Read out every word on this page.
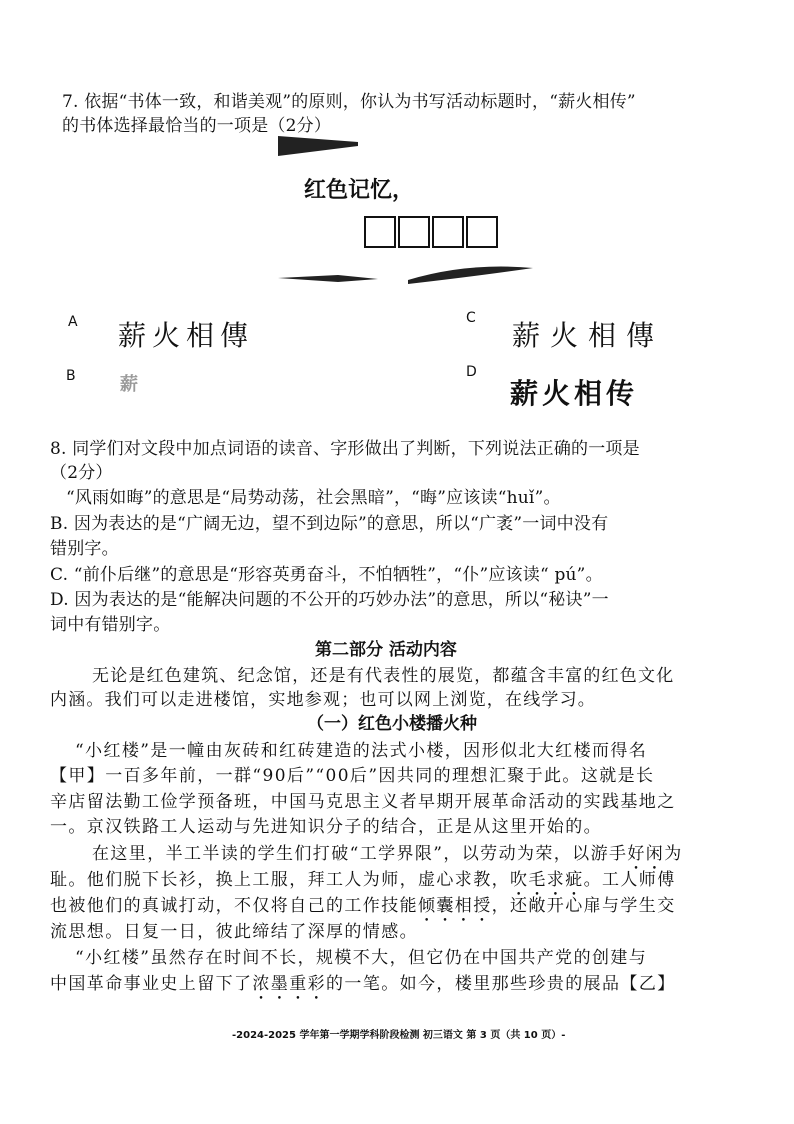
7. 依据“书体一致，和谐美观”的原则，你认为书写活动标题时，“薪火相传”
的书体选择最恰当的一项是（2分）
红色记忆，
A 薪火相傳
C
薪火相傳
B 薪
D
薪火相传
8. 同学们对文段中加点词语的读音、字形做出了判断，下列说法正确的一项是
（2分）
“风雨如晦”的意思是“局势动荡，社会黑暗”，“晦”应该读“huǐ”。
B. 因为表达的是“广阔无边，望不到边际”的意思，所以“广袤”一词中没有
错别字。
C. “前仆后继”的意思是“形容英勇奋斗，不怕牺牲”，“仆”应该读“ pú”。
D. 因为表达的是“能解决问题的不公开的巧妙办法”的意思，所以“秘诀”一
词中有错别字。
第二部分 活动内容
无论是红色建筑、纪念馆，还是有代表性的展览，都蕴含丰富的红色文化
内涵。我们可以走进楼馆，实地参观；也可以网上浏览，在线学习。
（一）红色小楼播火种
“小红楼”是一幢由灰砖和红砖建造的法式小楼，因形似北大红楼而得名
【甲】一百多年前，一群“90后”“00后”因共同的理想汇聚于此。这就是长
辛店留法勤工俭学预备班，中国马克思主义者早期开展革命活动的实践基地之
一。京汉铁路工人运动与先进知识分子的结合，正是从这里开始的。
在这里，半工半读的学生们打破“工学界限”，以劳动为荣，以游手好闲为
耻。他们脱下长衫，换上工服，拜工人为师，虚心求教，吹毛求疵。工人师傅
也被他们的真诚打动，不仅将自己的工作技能倾囊相授，还敞开心扉与学生交
流思想。日复一日，彼此缔结了深厚的情感。
“小红楼”虽然存在时间不长，规模不大，但它仍在中国共产党的创建与
中国革命事业史上留下了浓墨重彩的一笔。如今，楼里那些珍贵的展品【乙】
-2024-2025 学年第一学期学科阶段检测 初三语文 第 3 页（共 10 页）-
